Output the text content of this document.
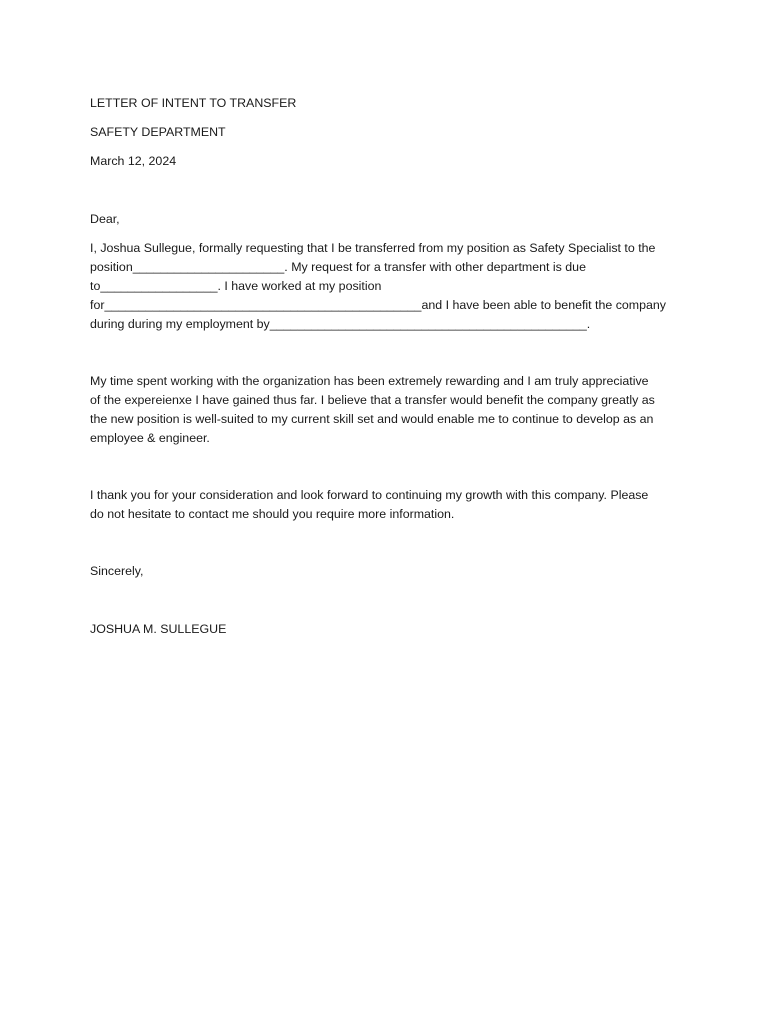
LETTER OF INTENT TO TRANSFER

SAFETY DEPARTMENT

March 12, 2024

Dear,

I, Joshua Sullegue, formally requesting that I be transferred from my position as Safety Specialist to the

position______________________. My request for a transfer with other department is due

to_________________. I have worked at my position

for______________________________________________and I have been able to benefit the company

during during my employment by______________________________________________.

My time spent working with the organization has been extremely rewarding and I am truly appreciative

of the expereienxe I have gained thus far. I believe that a transfer would benefit the company greatly as

the new position is well-suited to my current skill set and would enable me to continue to develop as an

employee & engineer.

I thank you for your consideration and look forward to continuing my growth with this company. Please

do not hesitate to contact me should you require more information.

Sincerely,

JOSHUA M. SULLEGUE
